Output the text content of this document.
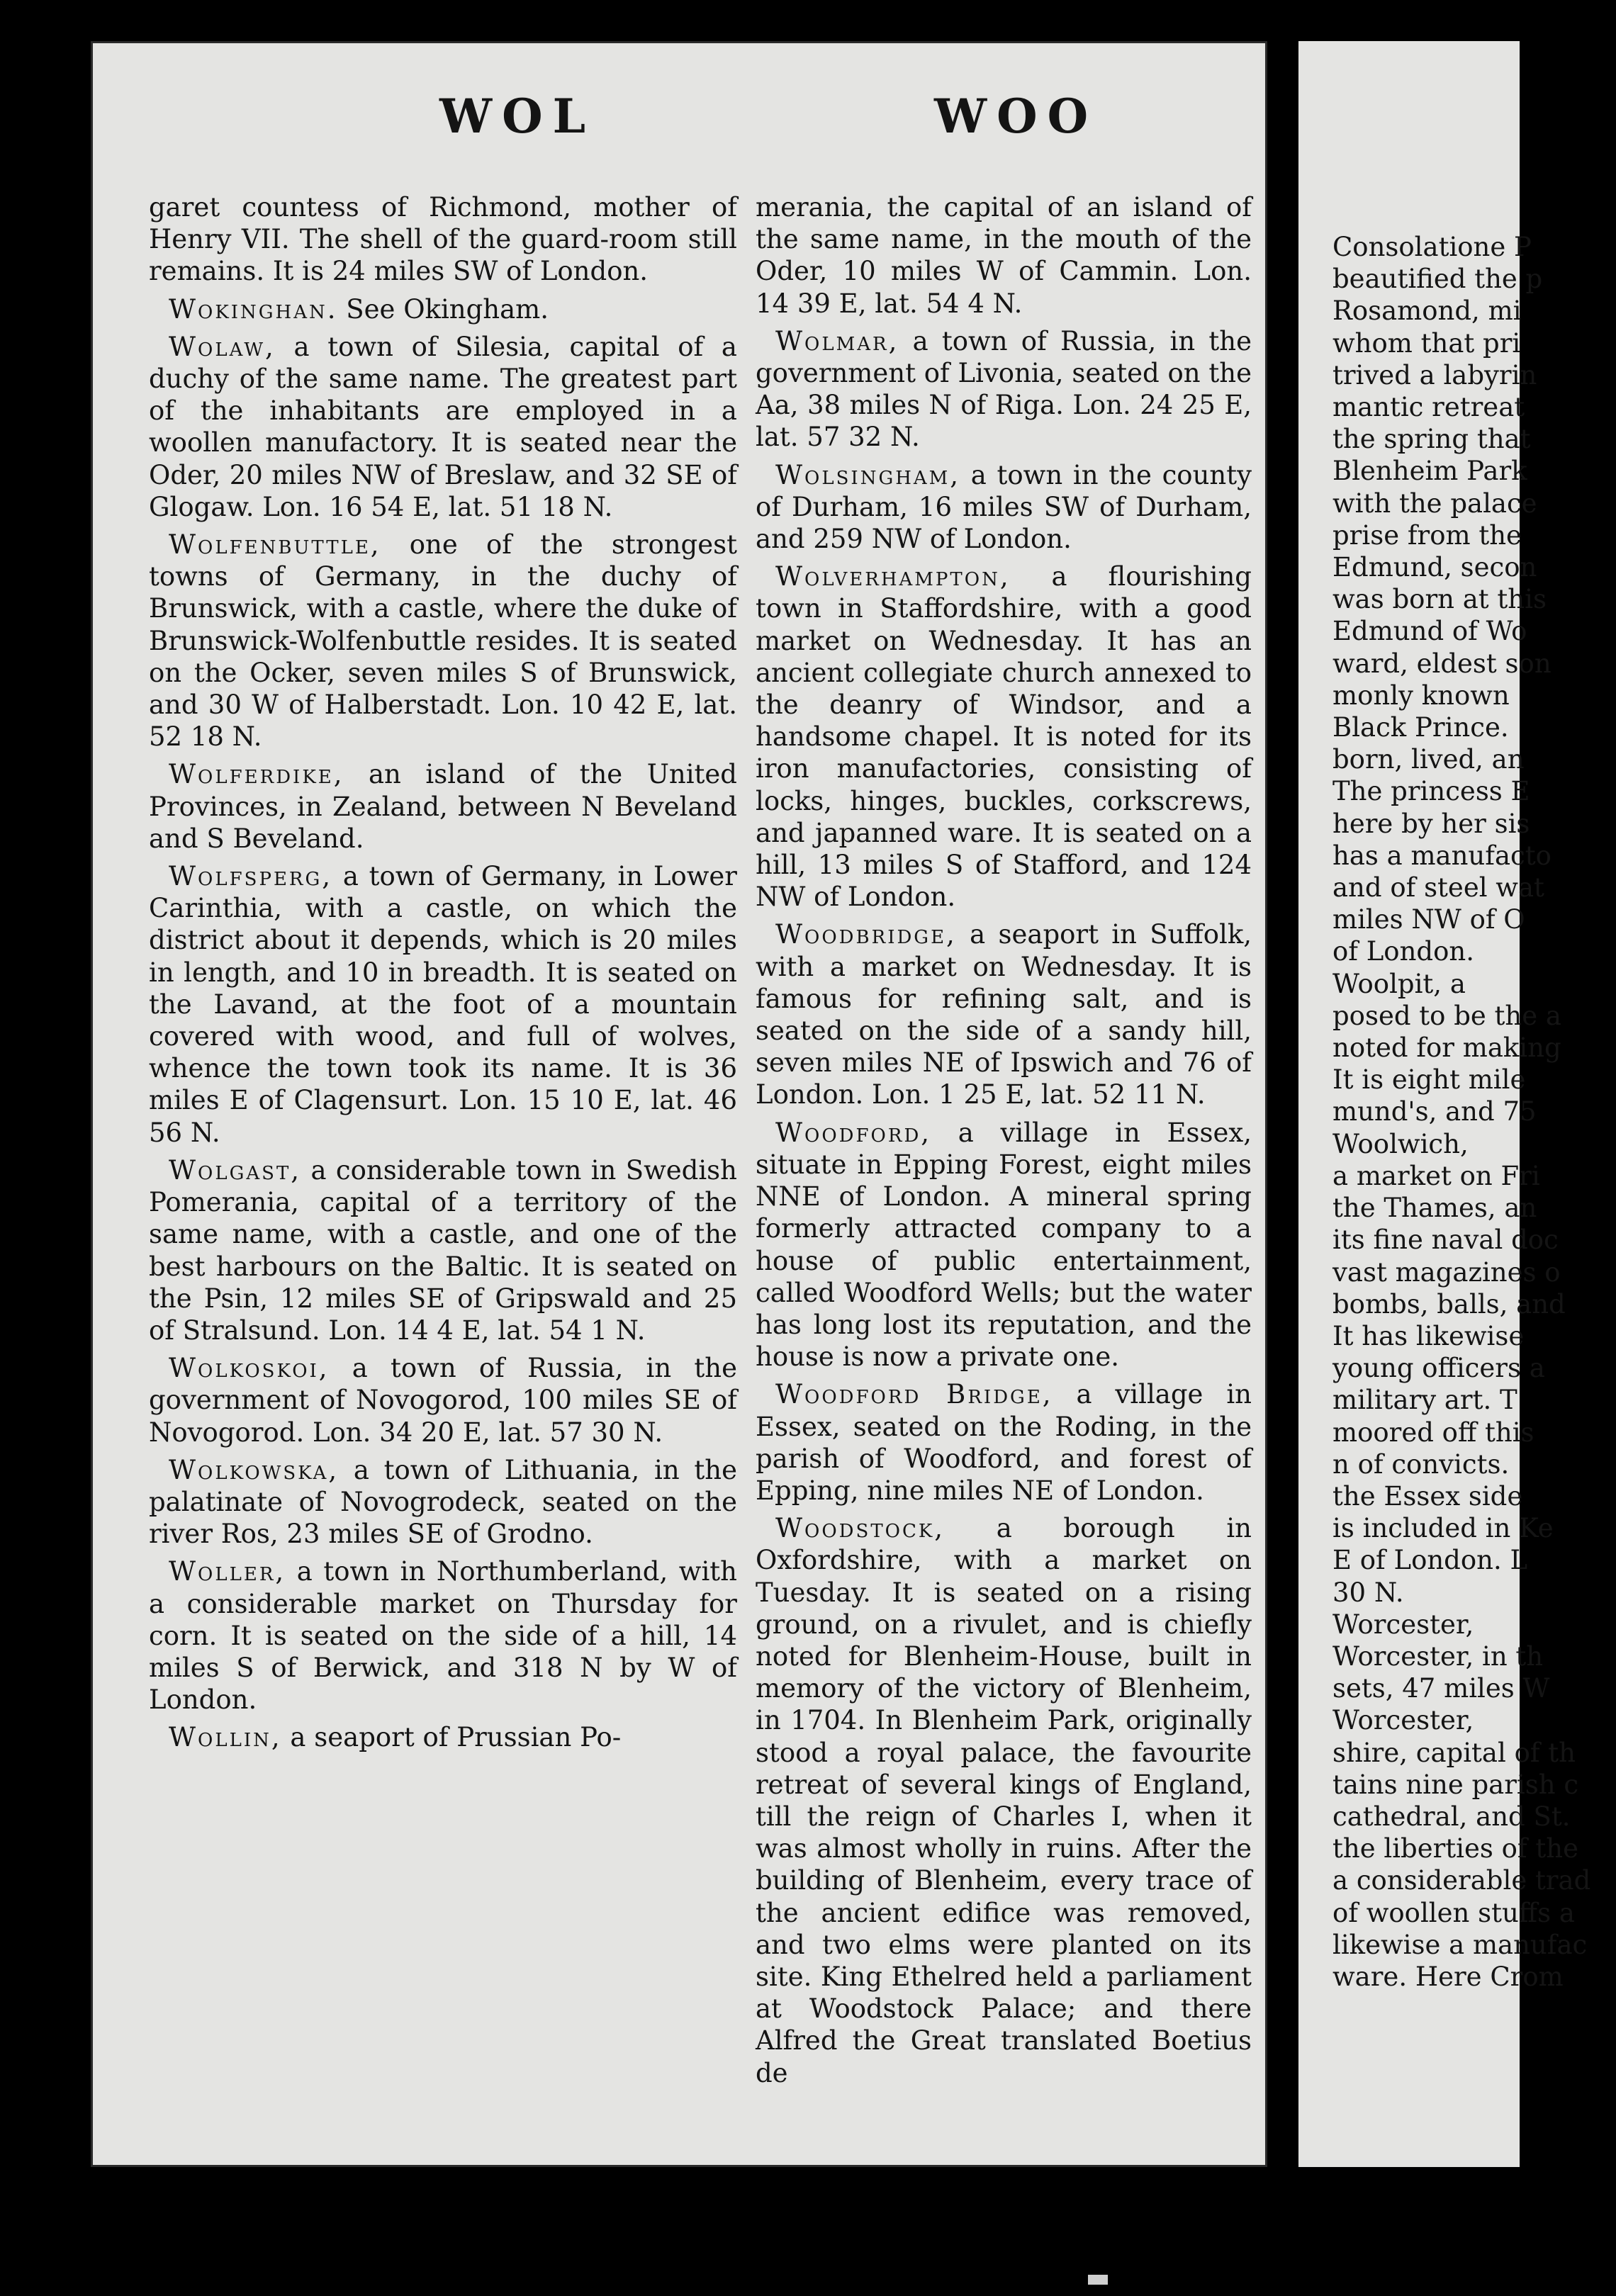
Consolatione P

beautified the p

Rosamond, mi

whom that pri

trived a labyrin

mantic retreat

the spring that

Blenheim Park

with the palace

prise from the

Edmund, secon

was born at this

Edmund of Wo

ward, eldest son

monly known

Black Prince.

born, lived, an

The princess E

here by her sis

has a manufacto

and of steel wat

miles NW of O

of London.

Woolpit, a

posed to be the a

noted for making

It is eight mile

mund's, and 75

Woolwich,

a market on Fri

the Thames, an

its fine naval doc

vast magazines o

bombs, balls, and

It has likewise

young officers a

military art. T

moored off this

n of convicts.

the Essex side

is included in Ke

E of London. L

30 N.

Worcester,

Worcester, in th

sets, 47 miles W

Worcester,

shire, capital of th

tains nine parish c

cathedral, and St.

the liberties of the

a considerable trad

of woollen stuffs a

likewise a manufac

ware. Here Crom

WOL	WOO

garet countess of Richmond, mother of Henry VII. The shell of the guard-room still remains. It is 24 miles SW of London.

Wokinghan. See Okingham.

Wolaw, a town of Silesia, capital of a duchy of the same name. The greatest part of the inhabitants are employed in a woollen manufactory. It is seated near the Oder, 20 miles NW of Breslaw, and 32 SE of Glogaw. Lon. 16 54 E, lat. 51 18 N.

Wolfenbuttle, one of the strongest towns of Germany, in the duchy of Brunswick, with a castle, where the duke of Brunswick-Wolfenbuttle resides. It is seated on the Ocker, seven miles S of Brunswick, and 30 W of Halberstadt. Lon. 10 42 E, lat. 52 18 N.

Wolferdike, an island of the United Provinces, in Zealand, between N Beveland and S Beveland.

Wolfsperg, a town of Germany, in Lower Carinthia, with a castle, on which the district about it depends, which is 20 miles in length, and 10 in breadth. It is seated on the Lavand, at the foot of a mountain covered with wood, and full of wolves, whence the town took its name. It is 36 miles E of Clagensurt. Lon. 15 10 E, lat. 46 56 N.

Wolgast, a considerable town in Swedish Pomerania, capital of a territory of the same name, with a castle, and one of the best harbours on the Baltic. It is seated on the Psin, 12 miles SE of Gripswald and 25 of Stralsund. Lon. 14 4 E, lat. 54 1 N.

Wolkoskoi, a town of Russia, in the government of Novogorod, 100 miles SE of Novogorod. Lon. 34 20 E, lat. 57 30 N.

Wolkowska, a town of Lithuania, in the palatinate of Novogrodeck, seated on the river Ros, 23 miles SE of Grodno.

Woller, a town in Northumberland, with a considerable market on Thursday for corn. It is seated on the side of a hill, 14 miles S of Berwick, and 318 N by W of London.

Wollin, a seaport of Prussian Po-

merania, the capital of an island of the same name, in the mouth of the Oder, 10 miles W of Cammin. Lon. 14 39 E, lat. 54 4 N.

Wolmar, a town of Russia, in the government of Livonia, seated on the Aa, 38 miles N of Riga. Lon. 24 25 E, lat. 57 32 N.

Wolsingham, a town in the county of Durham, 16 miles SW of Durham, and 259 NW of London.

Wolverhampton, a flourishing town in Staffordshire, with a good market on Wednesday. It has an ancient collegiate church annexed to the deanry of Windsor, and a handsome chapel. It is noted for its iron manufactories, consisting of locks, hinges, buckles, corkscrews, and japanned ware. It is seated on a hill, 13 miles S of Stafford, and 124 NW of London.

Woodbridge, a seaport in Suffolk, with a market on Wednesday. It is famous for refining salt, and is seated on the side of a sandy hill, seven miles NE of Ipswich and 76 of London. Lon. 1 25 E, lat. 52 11 N.

Woodford, a village in Essex, situate in Epping Forest, eight miles NNE of London. A mineral spring formerly attracted company to a house of public entertainment, called Woodford Wells; but the water has long lost its reputation, and the house is now a private one.

Woodford Bridge, a village in Essex, seated on the Roding, in the parish of Woodford, and forest of Epping, nine miles NE of London.

Woodstock, a borough in Oxfordshire, with a market on Tuesday. It is seated on a rising ground, on a rivulet, and is chiefly noted for Blenheim-House, built in memory of the victory of Blenheim, in 1704. In Blenheim Park, originally stood a royal palace, the favourite retreat of several kings of England, till the reign of Charles I, when it was almost wholly in ruins. After the building of Blenheim, every trace of the ancient edifice was removed, and two elms were planted on its site. King Ethelred held a parliament at Woodstock Palace; and there Alfred the Great translated Boetius de
